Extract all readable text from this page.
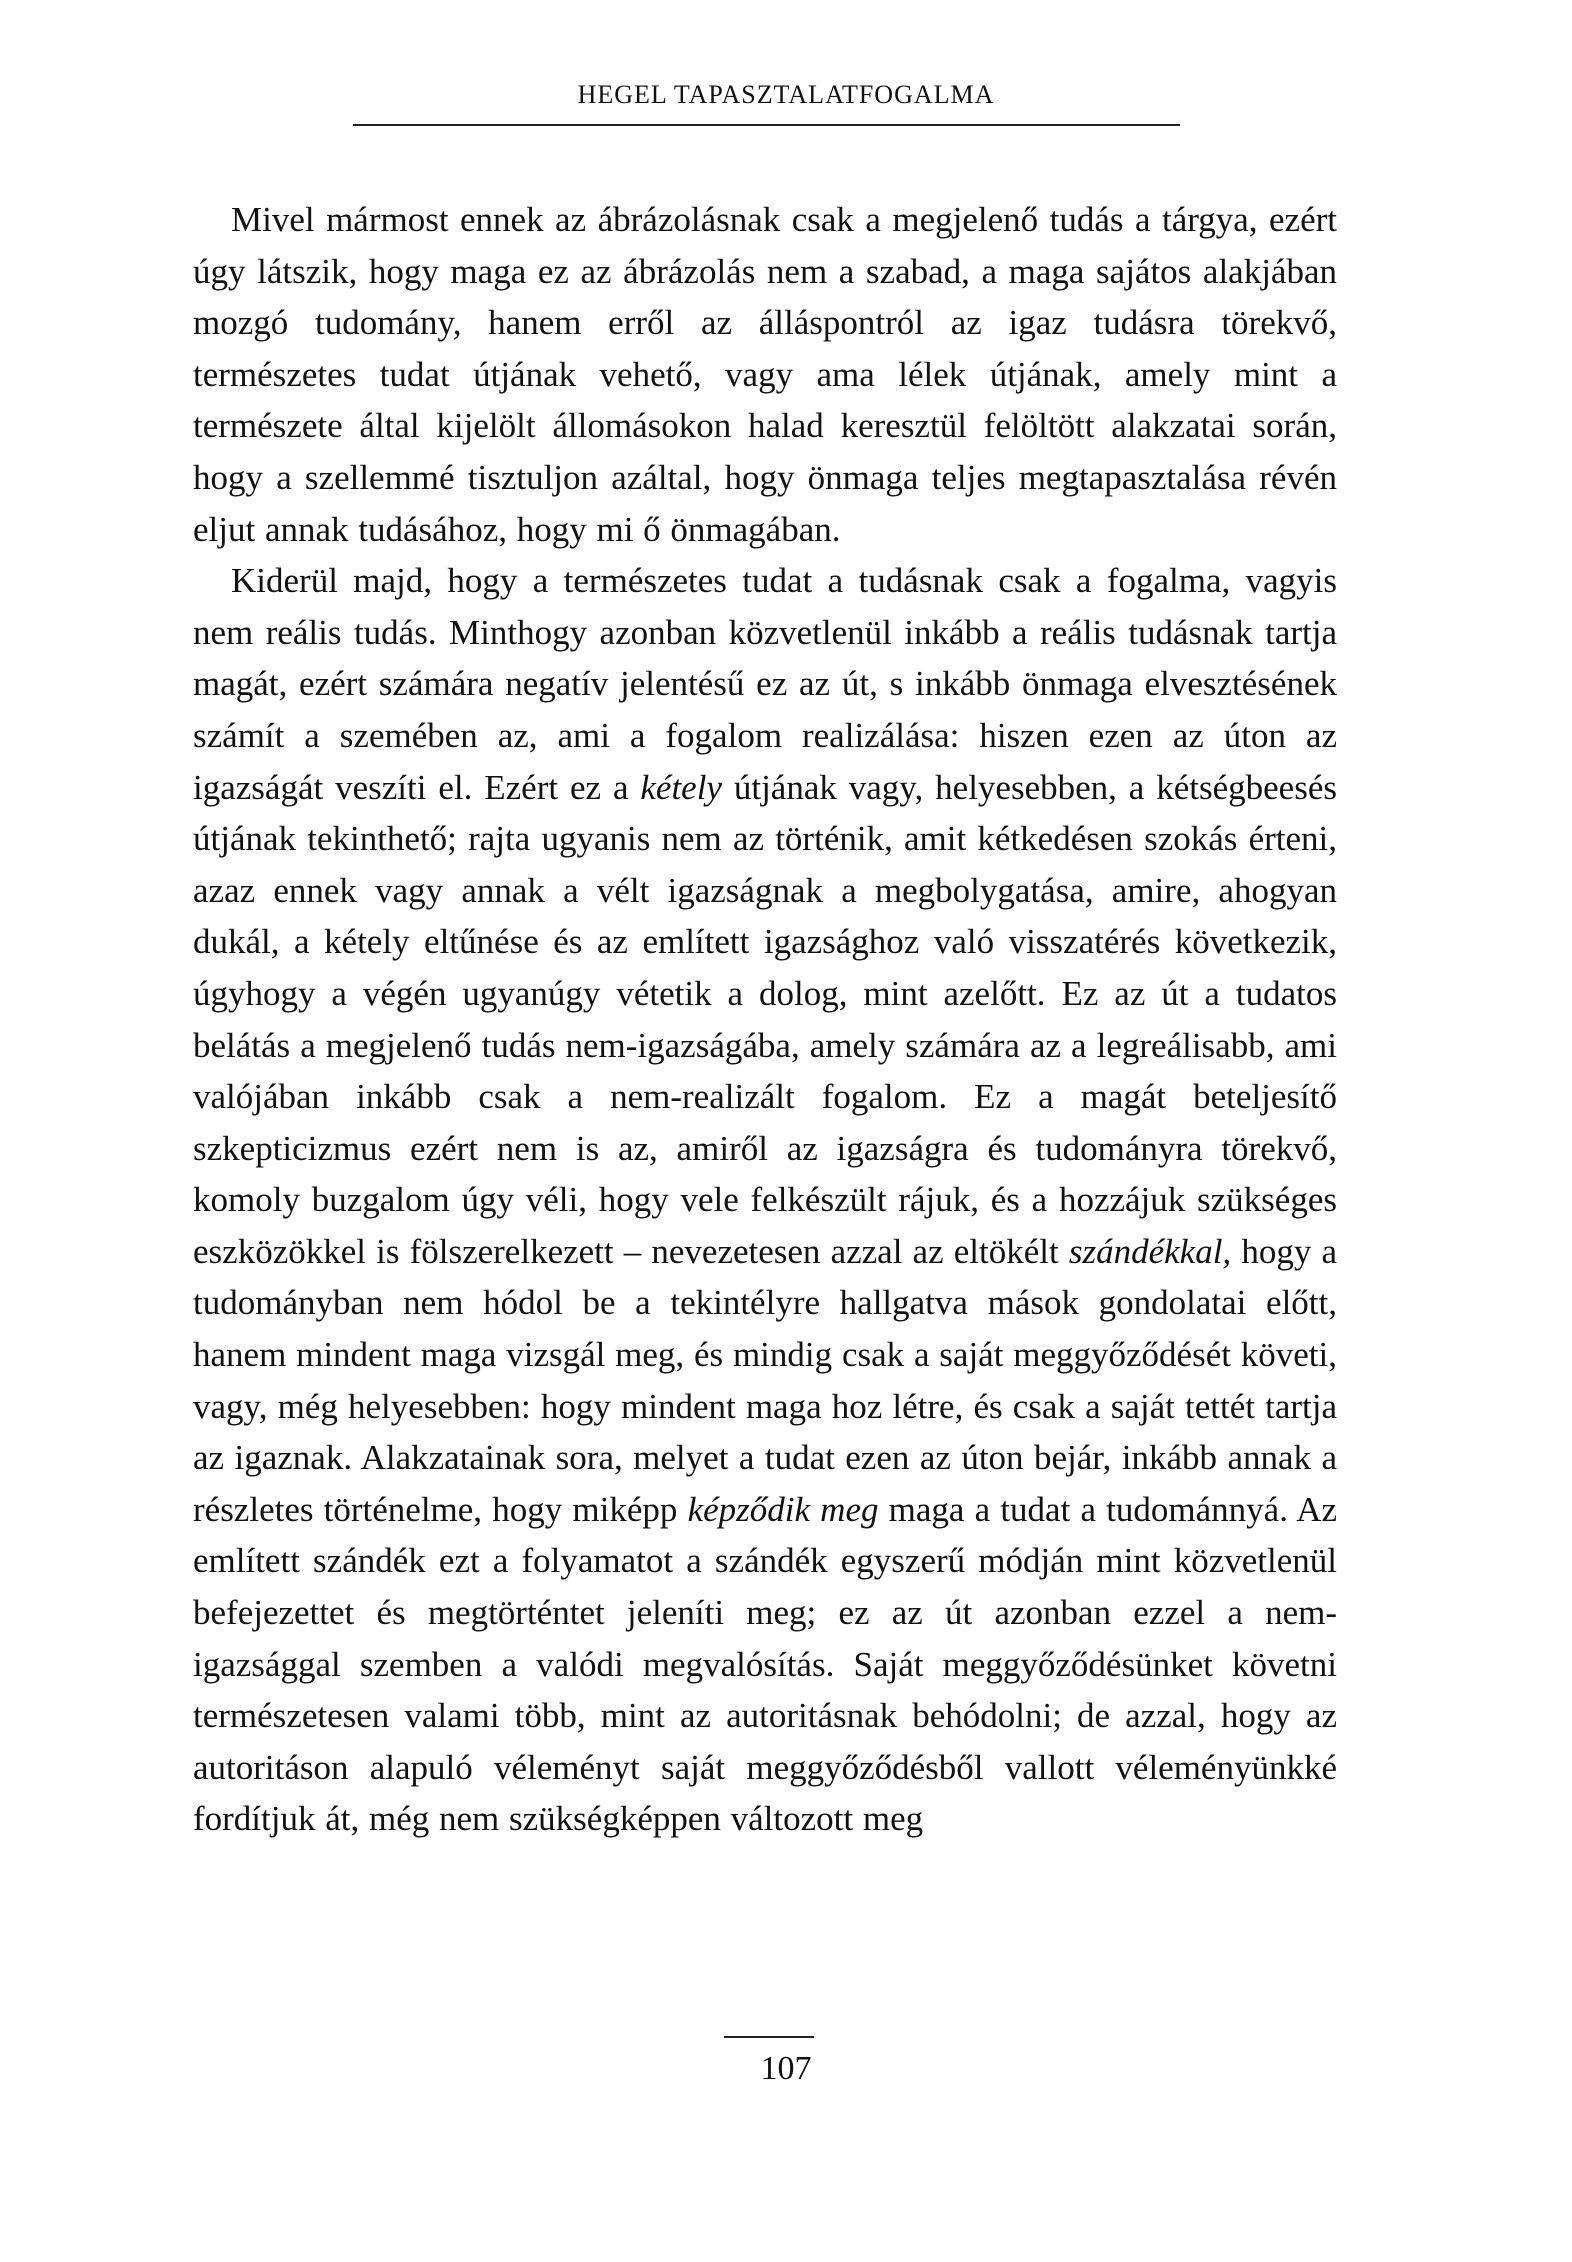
HEGEL TAPASZTALATFOGALMA

Mivel mármost ennek az ábrázolásnak csak a megjelenő tudás a tárgya, ezért úgy látszik, hogy maga ez az ábrázolás nem a szabad, a maga sajátos alakjában mozgó tudomány, hanem erről az álláspontról az igaz tudásra törekvő, természetes tudat útjának vehető, vagy ama lélek útjának, amely mint a természete által kijelölt állomásokon halad keresztül felöltött alakzatai során, hogy a szellemmé tisztuljon azáltal, hogy önmaga teljes megtapasztalása révén eljut annak tudásához, hogy mi ő önmagában.

Kiderül majd, hogy a természetes tudat a tudásnak csak a fogalma, vagyis nem reális tudás. Minthogy azonban közvetlenül inkább a reális tudásnak tartja magát, ezért számára negatív jelentésű ez az út, s inkább önmaga elvesztésének számít a szemében az, ami a fogalom realizálása: hiszen ezen az úton az igazságát veszíti el. Ezért ez a kétely útjának vagy, helyesebben, a kétségbeesés útjának tekinthető; rajta ugyanis nem az történik, amit kétkedésen szokás érteni, azaz ennek vagy annak a vélt igazságnak a megbolygatása, amire, ahogyan dukál, a kétely eltűnése és az említett igazsághoz való visszatérés következik, úgyhogy a végén ugyanúgy vétetik a dolog, mint azelőtt. Ez az út a tudatos belátás a megjelenő tudás nem-igazságába, amely számára az a legreálisabb, ami valójában inkább csak a nem-realizált fogalom. Ez a magát beteljesítő szkepticizmus ezért nem is az, amiről az igazságra és tudományra törekvő, komoly buzgalom úgy véli, hogy vele felkészült rájuk, és a hozzájuk szükséges eszközökkel is fölszerelkezett – nevezetesen azzal az eltökélt szándékkal, hogy a tudományban nem hódol be a tekintélyre hallgatva mások gondolatai előtt, hanem mindent maga vizsgál meg, és mindig csak a saját meggyőződését követi, vagy, még helyesebben: hogy mindent maga hoz létre, és csak a saját tettét tartja az igaznak. Alakzatainak sora, melyet a tudat ezen az úton bejár, inkább annak a részletes történelme, hogy miképp képződik meg maga a tudat a tudománnyá. Az említett szándék ezt a folyamatot a szándék egyszerű módján mint közvetlenül befejezettet és megtörténtet jeleníti meg; ez az út azonban ezzel a nem-igazsággal szemben a valódi megvalósítás. Saját meggyőződésünket követni természetesen valami több, mint az autoritásnak behódolni; de azzal, hogy az autoritáson alapuló véleményt saját meggyőződésből vallott véleményünkké fordítjuk át, még nem szükségképpen változott meg

107
